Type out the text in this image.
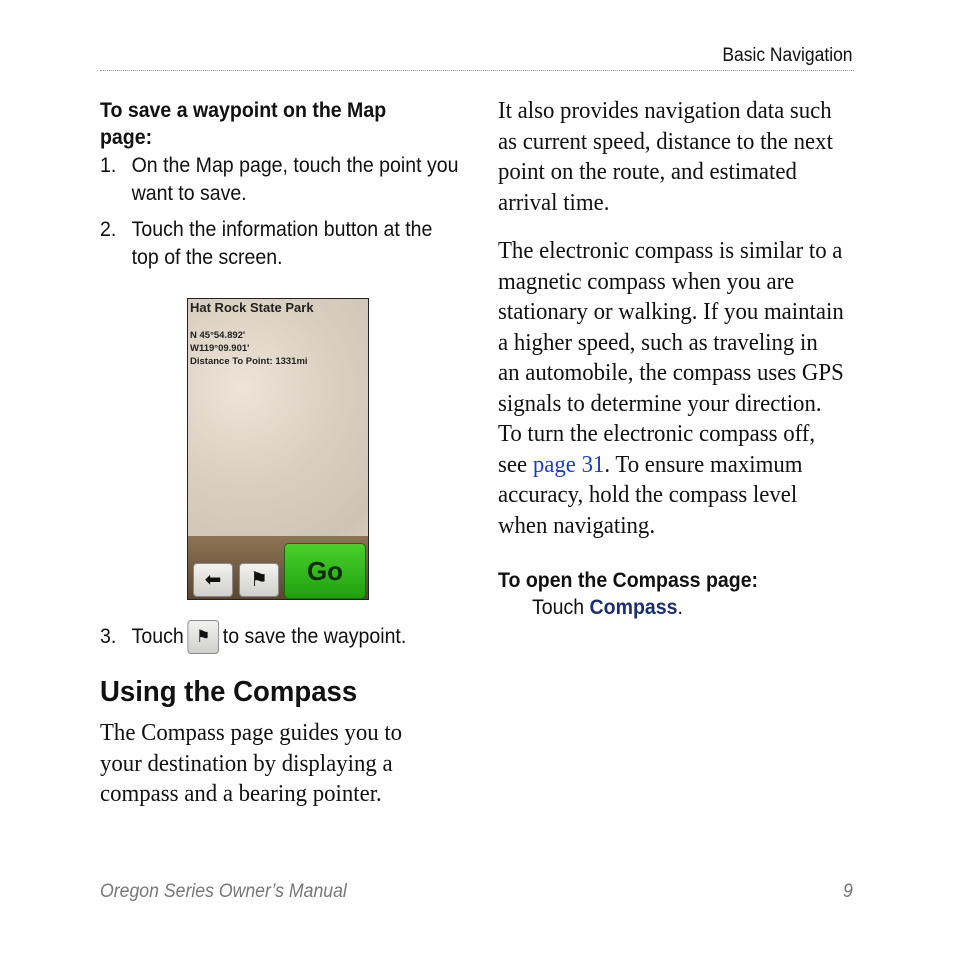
Basic Navigation
To save a waypoint on the Map page:
1. On the Map page, touch the point you want to save.
2. Touch the information button at the top of the screen.
Hat Rock State Park
N 45°54.892'
W119°09.901'
Distance To Point: 1331mi
⬅	⚑	Go
3. Touch ⚑ to save the waypoint.
Using the Compass
The Compass page guides you to your destination by displaying a compass and a bearing pointer.
It also provides navigation data such as current speed, distance to the next point on the route, and estimated arrival time.
The electronic compass is similar to a magnetic compass when you are stationary or walking. If you maintain a higher speed, such as traveling in an automobile, the compass uses GPS signals to determine your direction. To turn the electronic compass off, see page 31. To ensure maximum accuracy, hold the compass level when navigating.
To open the Compass page:
Touch Compass.
Oregon Series Owner’s Manual	9
